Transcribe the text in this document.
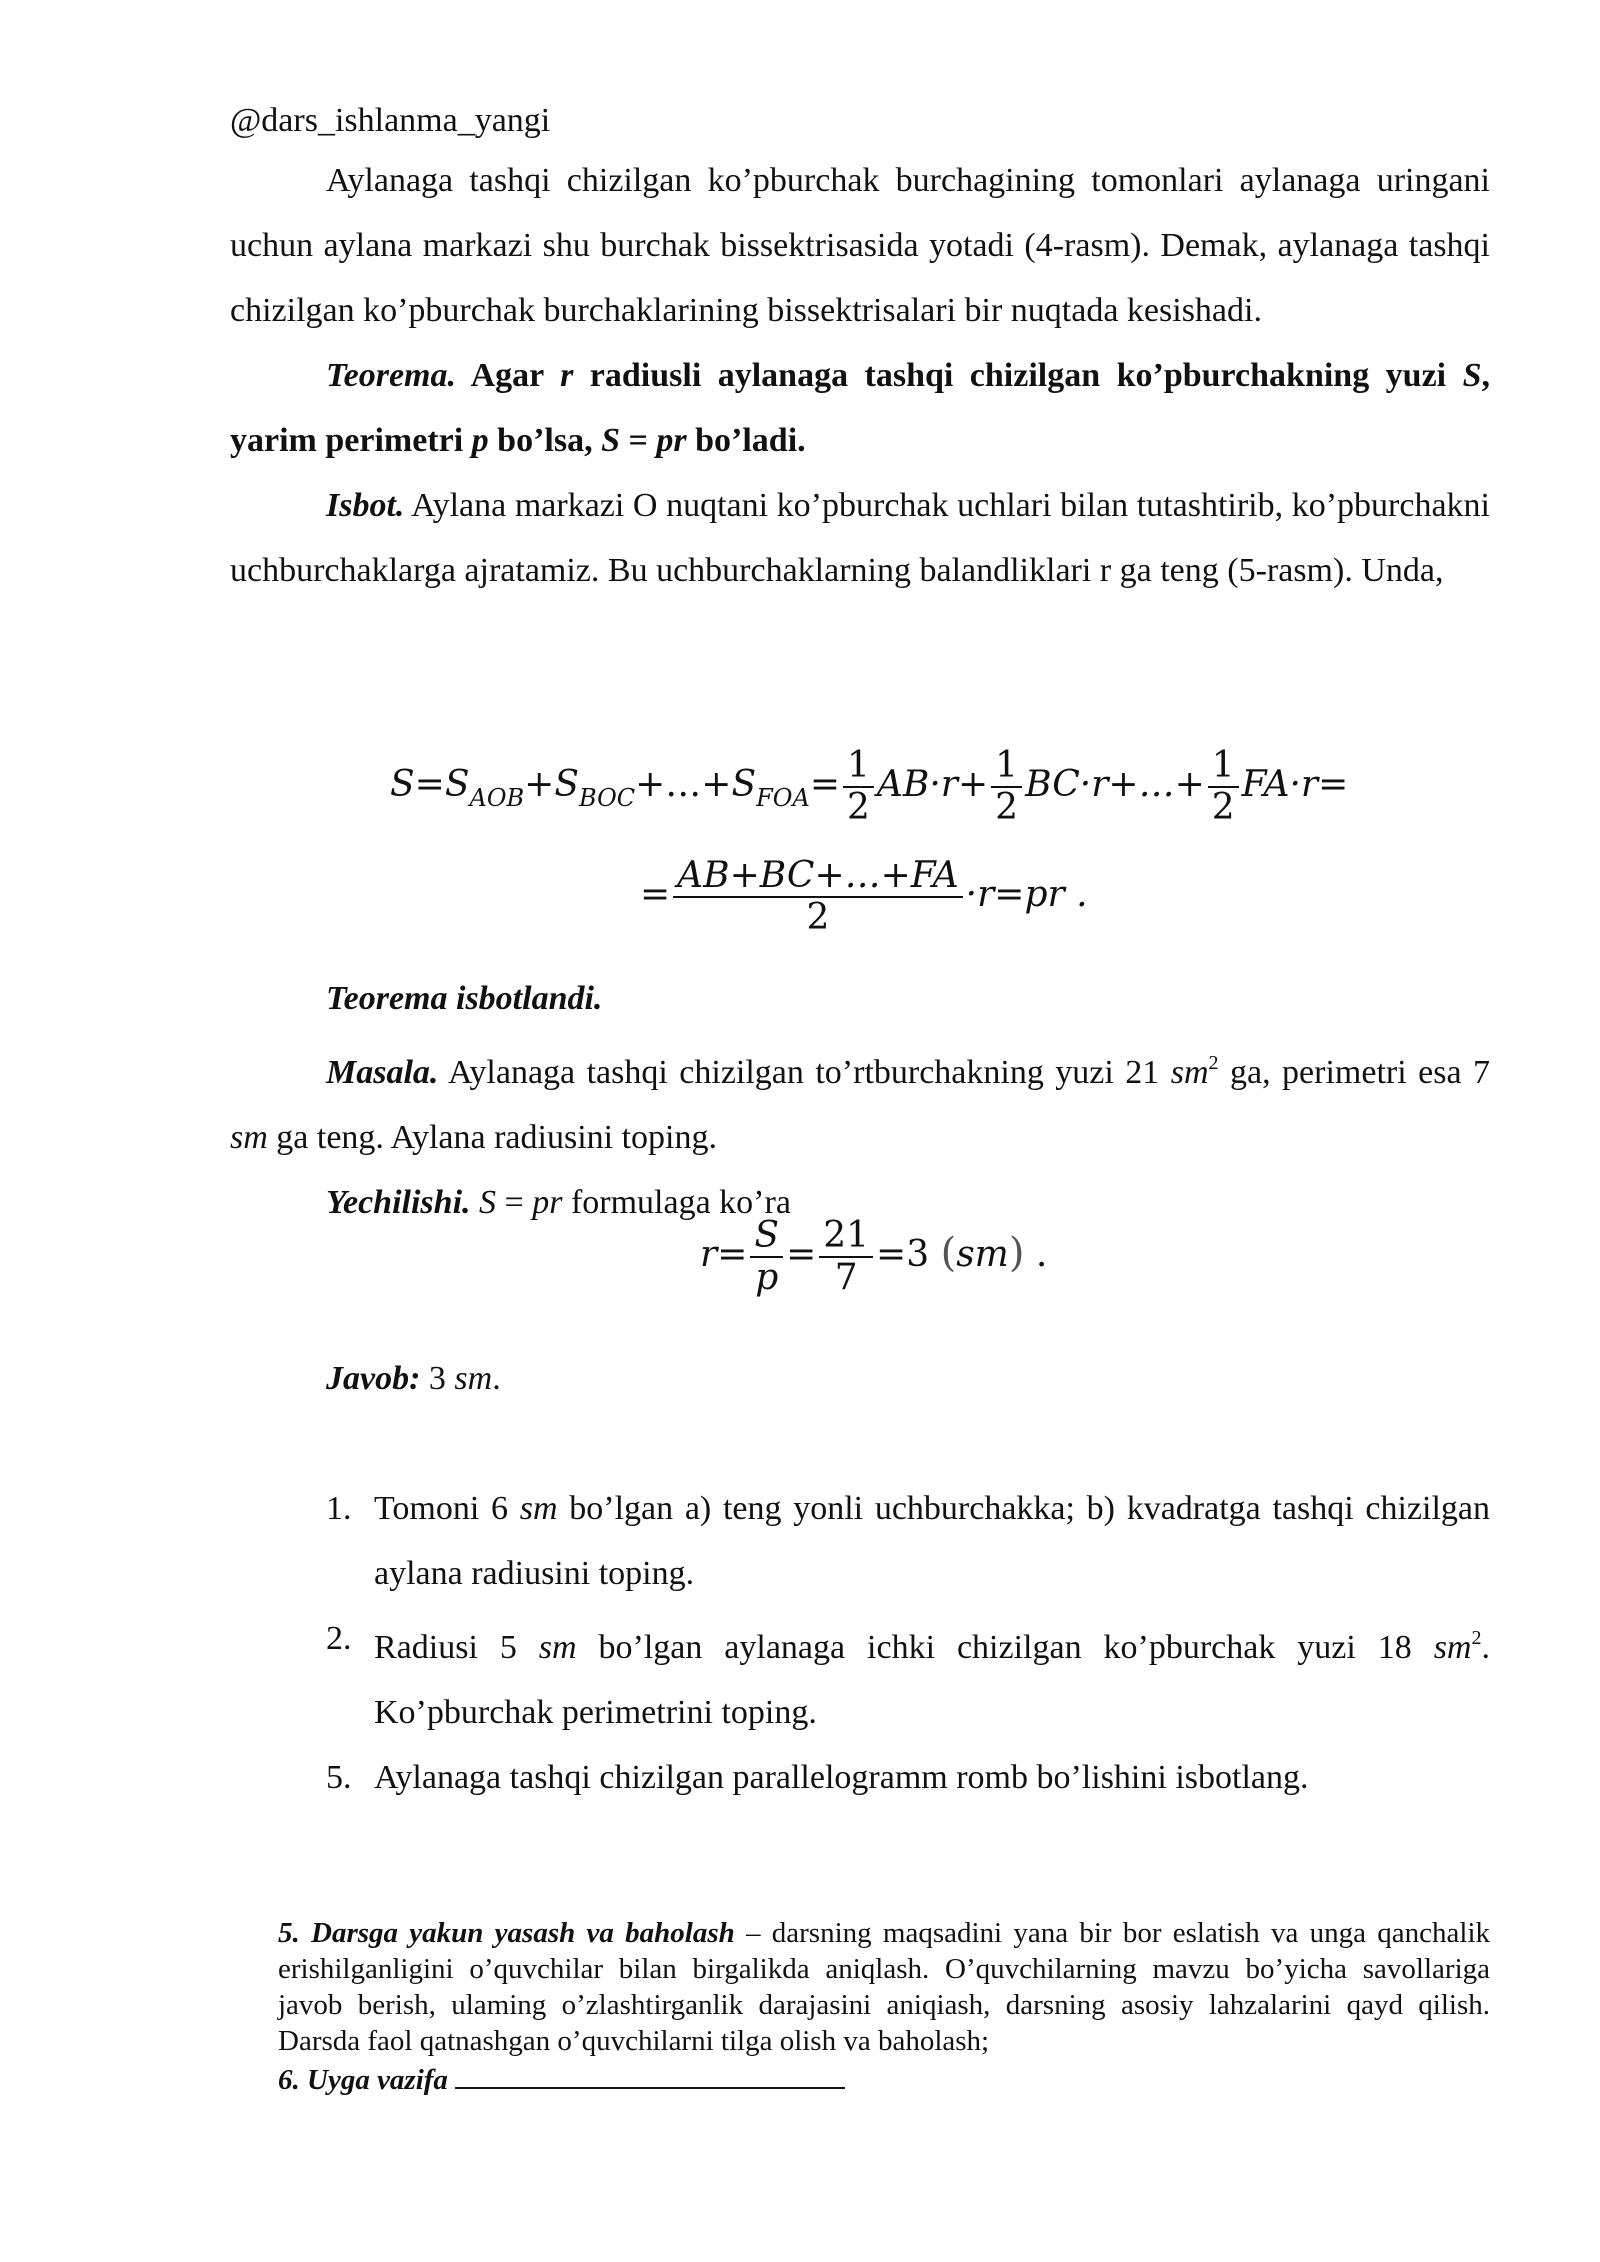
@dars_ishlanma_yangi

Aylanaga tashqi chizilgan ko’pburchak burchagining tomonlari aylanaga uringani uchun aylana markazi shu burchak bissektrisasida yotadi (4-rasm). Demak, aylanaga tashqi chizilgan ko’pburchak burchaklarining bissektrisalari bir nuqtada kesishadi.

Teorema. Agar r radiusli aylanaga tashqi chizilgan ko’pburchakning yuzi S, yarim perimetri p bo’lsa, S = pr bo’ladi.

Isbot. Aylana markazi O nuqtani ko’pburchak uchlari bilan tutashtirib, ko’pburchakni uchburchaklarga ajratamiz. Bu uchburchaklarning balandliklari r ga teng (5-rasm). Unda,

$S=S_{AOB}+S_{BOC}+\dots+S_{FOA}= \frac{1}{2} AB\cdot r+ \frac{1}{2}$ BC·r+…+ $\frac{1}{2} FA\cdot r=$
= $\frac{AB+BC+\dots+FA}{2} \cdot r=pr$ .

Teorema isbotlandi.

Masala. Aylanaga tashqi chizilgan to’rtburchakning yuzi 21 $sm^2$ ga, perimetri esa 7 sm ga teng. Aylana radiusini toping.

Yechilishi. S = pr formulaga ko’ra

$r= \frac{S}{p} = \frac{21}{7} =3$ (sm) .

Javob: 3 sm.

1. Tomoni 6 sm bo’lgan a) teng yonli uchburchakka; b) kvadratga tashqi chizilgan aylana radiusini toping.

2. Radiusi 5 sm bo’lgan aylanaga ichki chizilgan ko’pburchak yuzi 18 $sm^2$. Ko’pburchak perimetrini toping.

5. Aylanaga tashqi chizilgan parallelogramm romb bo’lishini isbotlang.

5. Darsga yakun yasash va baholash – darsning maqsadini yana bir bor eslatish va unga qanchalik erishilganligini o’quvchilar bilan birgalikda aniqlash. O’quvchilarning mavzu bo’yicha savollariga javob berish, ulaming o’zlashtirganlik darajasini aniqiash, darsning asosiy lahzalarini qayd qilish. Darsda faol qatnashgan o’quvchilarni tilga olish va baholash;

6. Uyga vazifa
